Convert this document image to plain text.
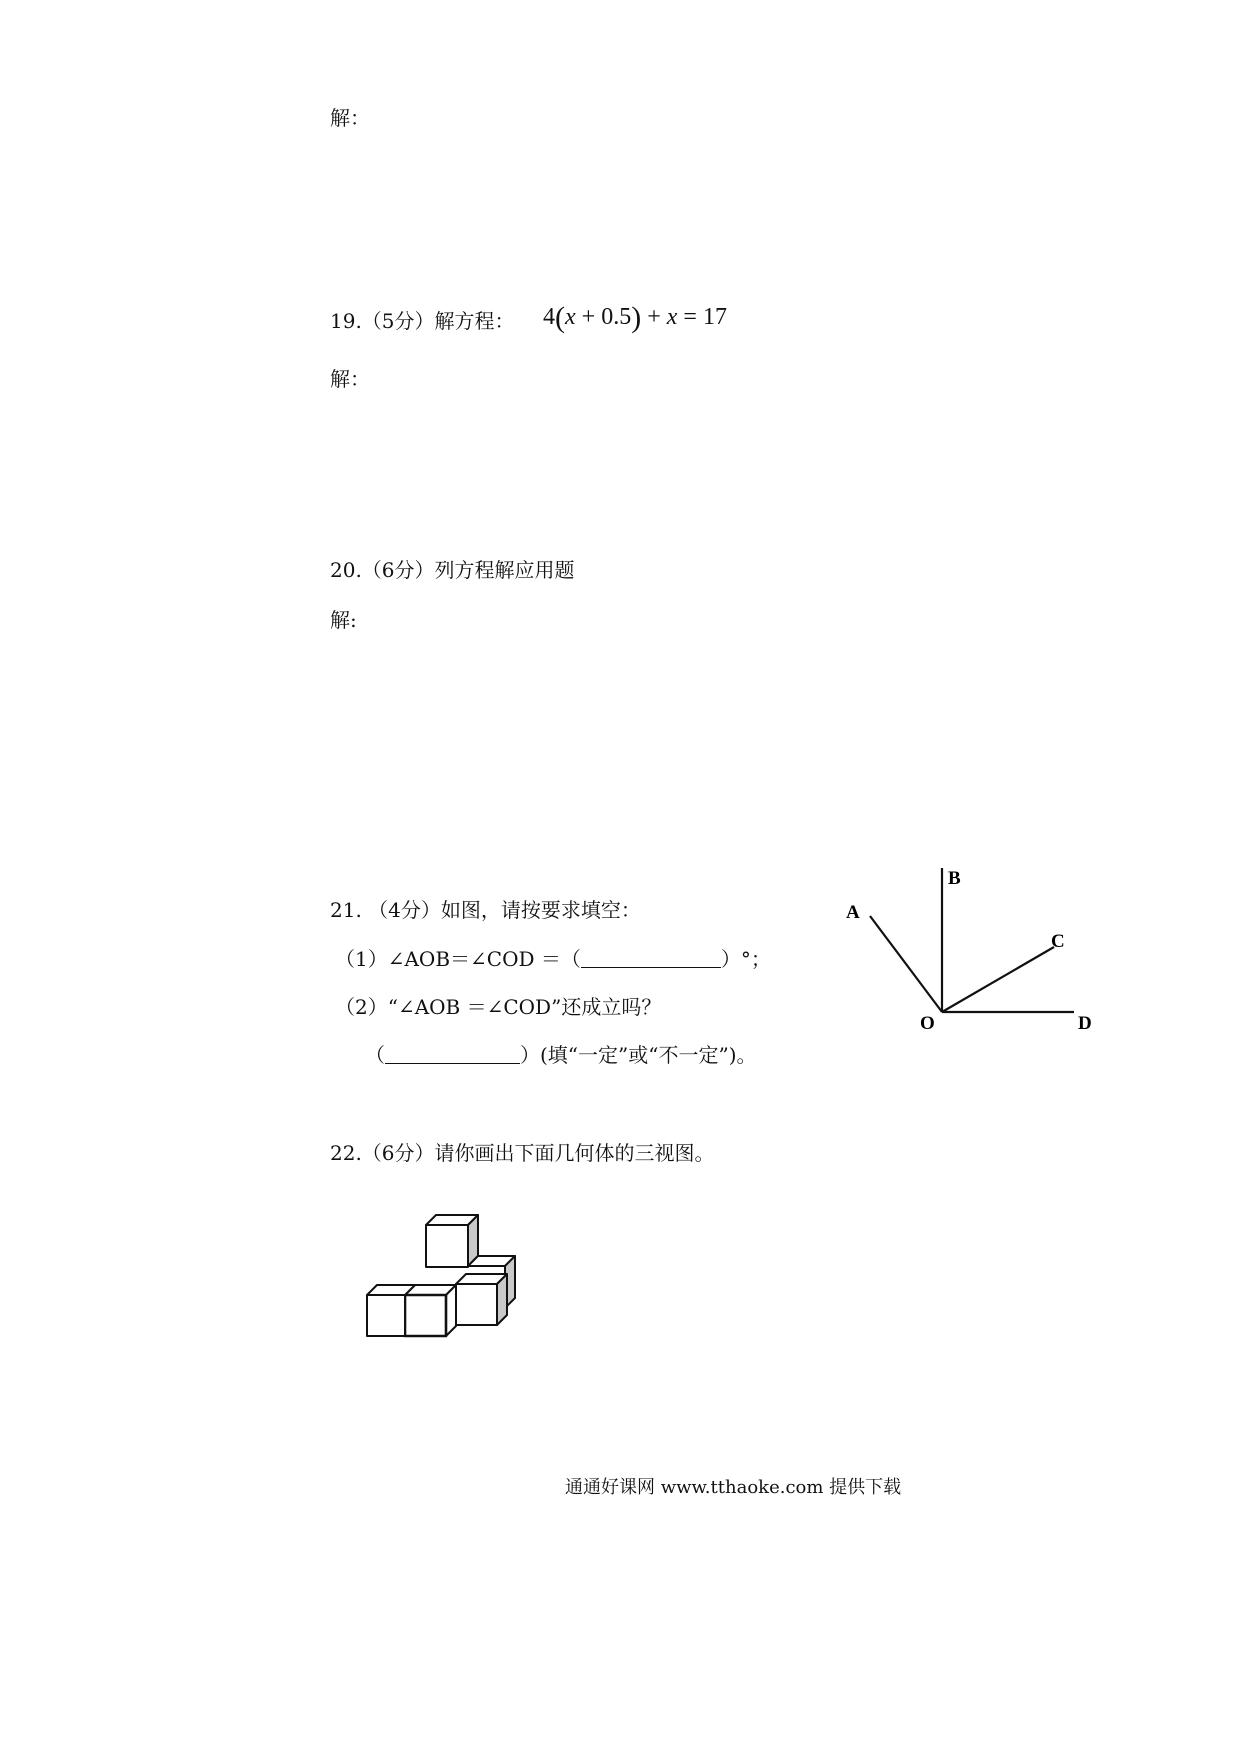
解：
19.（5分）解方程： 4(x + 0.5) + x = 17
解：
20.（6分）列方程解应用题
解:
21. （4分）如图，请按要求填空：
（1）∠AOB＝∠COD ＝（	）°；
（2）“∠AOB ＝∠COD”还成立吗？
（	）(填“一定”或“不一定”)。
A
B
C
O	D
22.（6分）请你画出下面几何体的三视图。
通通好课网 www.tthaoke.com 提供下载
